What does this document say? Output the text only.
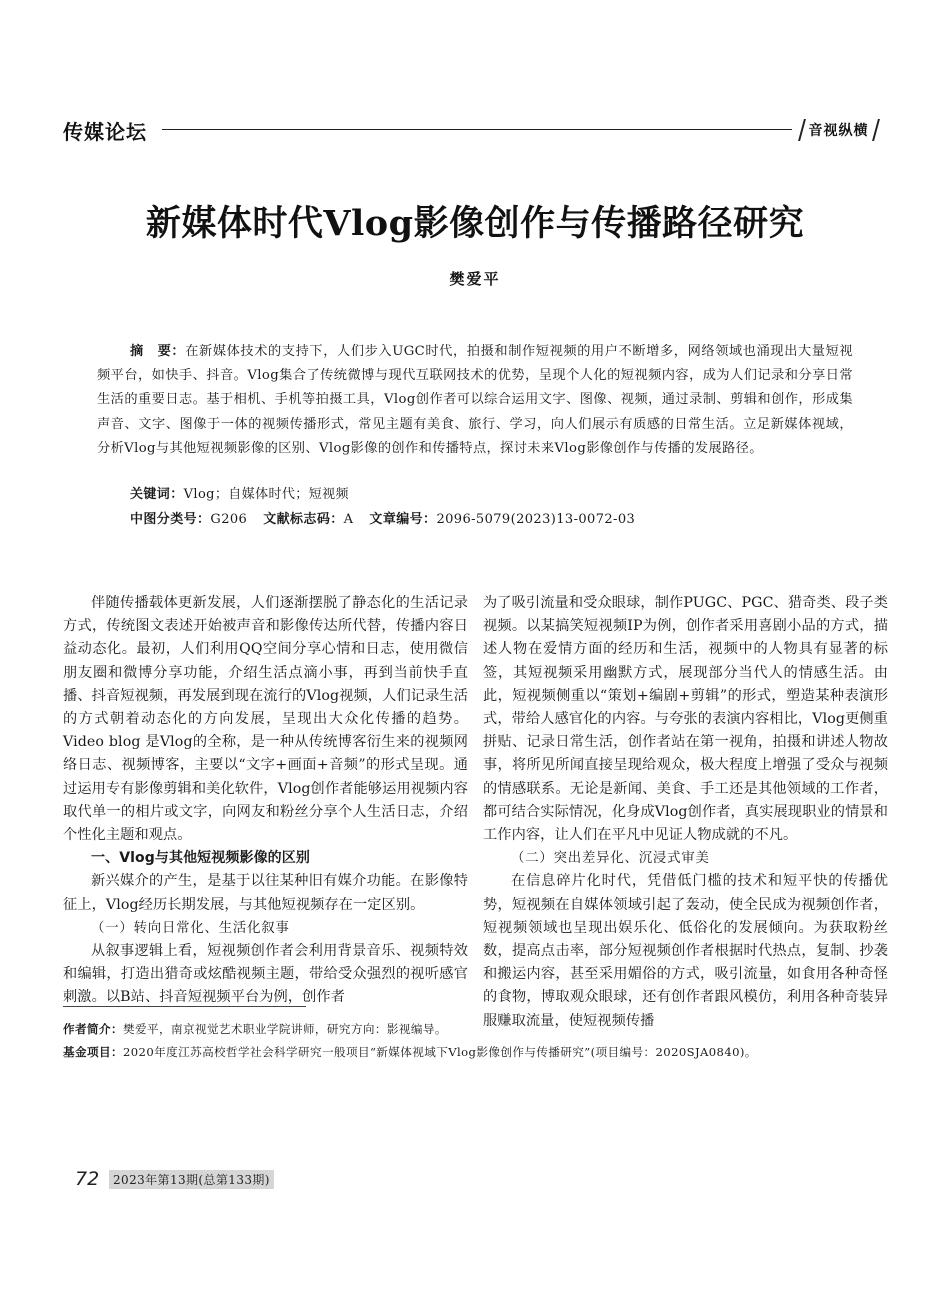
传媒论坛	音视纵横
新媒体时代Vlog影像创作与传播路径研究
樊爱平

摘　要：在新媒体技术的支持下，人们步入UGC时代，拍摄和制作短视频的用户不断增多，网络领域也涌现出大量短视频平台，如快手、抖音。Vlog集合了传统微博与现代互联网技术的优势，呈现个人化的短视频内容，成为人们记录和分享日常生活的重要日志。基于相机、手机等拍摄工具，Vlog创作者可以综合运用文字、图像、视频，通过录制、剪辑和创作，形成集声音、文字、图像于一体的视频传播形式，常见主题有美食、旅行、学习，向人们展示有质感的日常生活。立足新媒体视域，分析Vlog与其他短视频影像的区别、Vlog影像的创作和传播特点，探讨未来Vlog影像创作与传播的发展路径。

关键词：Vlog；自媒体时代；短视频
中图分类号：G206 文献标志码：A 文章编号：2096-5079(2023)13-0072-03

伴随传播载体更新发展，人们逐渐摆脱了静态化的生活记录方式，传统图文表述开始被声音和影像传达所代替，传播内容日益动态化。最初，人们利用QQ空间分享心情和日志，使用微信朋友圈和微博分享功能，介绍生活点滴小事，再到当前快手直播、抖音短视频，再发展到现在流行的Vlog视频，人们记录生活的方式朝着动态化的方向发展，呈现出大众化传播的趋势。Video blog 是Vlog的全称，是一种从传统博客衍生来的视频网络日志、视频博客，主要以“文字+画面+音频”的形式呈现。通过运用专有影像剪辑和美化软件，Vlog创作者能够运用视频内容取代单一的相片或文字，向网友和粉丝分享个人生活日志，介绍个性化主题和观点。

一、Vlog与其他短视频影像的区别

新兴媒介的产生，是基于以往某种旧有媒介功能。在影像特征上，Vlog经历长期发展，与其他短视频存在一定区别。

（一）转向日常化、生活化叙事

从叙事逻辑上看，短视频创作者会利用背景音乐、视频特效和编辑，打造出猎奇或炫酷视频主题，带给受众强烈的视听感官刺激。以B站、抖音短视频平台为例，创作者

为了吸引流量和受众眼球，制作PUGC、PGC、猎奇类、段子类视频。以某搞笑短视频IP为例，创作者采用喜剧小品的方式，描述人物在爱情方面的经历和生活，视频中的人物具有显著的标签，其短视频采用幽默方式，展现部分当代人的情感生活。由此，短视频侧重以“策划+编剧+剪辑”的形式，塑造某种表演形式，带给人感官化的内容。与夸张的表演内容相比，Vlog更侧重拼贴、记录日常生活，创作者站在第一视角，拍摄和讲述人物故事，将所见所闻直接呈现给观众，极大程度上增强了受众与视频的情感联系。无论是新闻、美食、手工还是其他领域的工作者，都可结合实际情况，化身成Vlog创作者，真实展现职业的情景和工作内容，让人们在平凡中见证人物成就的不凡。

（二）突出差异化、沉浸式审美

在信息碎片化时代，凭借低门槛的技术和短平快的传播优势，短视频在自媒体领域引起了轰动，使全民成为视频创作者，短视频领域也呈现出娱乐化、低俗化的发展倾向。为获取粉丝数，提高点击率，部分短视频创作者根据时代热点，复制、抄袭和搬运内容，甚至采用媚俗的方式，吸引流量，如食用各种奇怪的食物，博取观众眼球，还有创作者跟风模仿，利用各种奇装异服赚取流量，使短视频传播

作者简介：樊爱平，南京视觉艺术职业学院讲师，研究方向：影视编导。
基金项目：2020年度江苏高校哲学社会科学研究一般项目“新媒体视域下Vlog影像创作与传播研究”(项目编号：2020SJA0840)。
72	2023年第13期(总第133期)
